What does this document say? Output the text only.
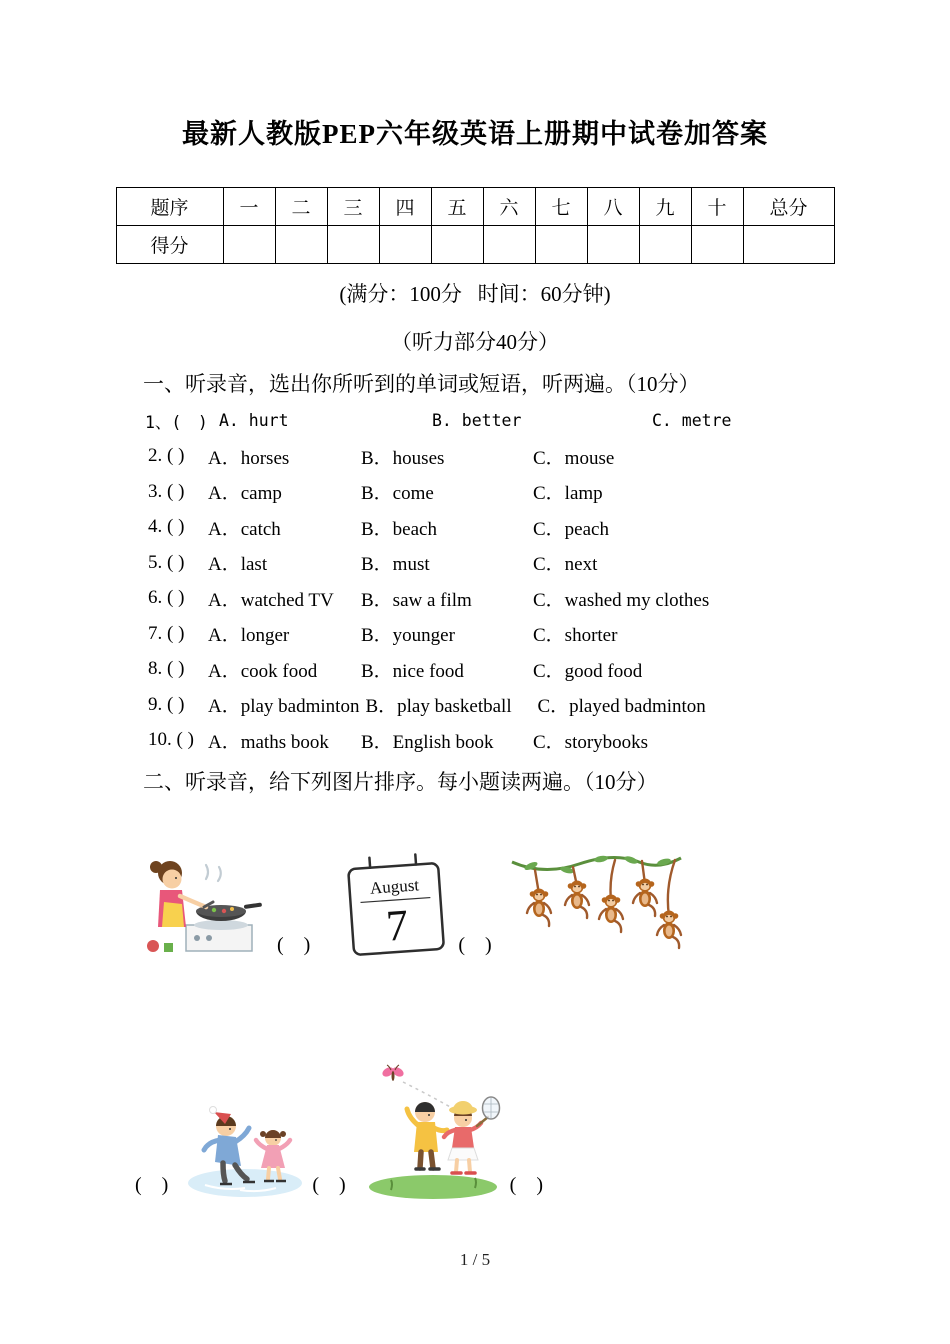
最新人教版PEP六年级英语上册期中试卷加答案
题序	一	二	三	四	五	六	七	八	九	十	总分
得分											
(满分：100分   时间：60分钟)
（听力部分40分）
一、听录音，选出你所听到的单词或短语，听两遍。（10分）
1、(　) A. hurt	B. better	C. metre
2. ( )	A．horses	B．houses	C．mouse
3. ( )	A．camp	B．come	C．lamp
4. ( )	A．catch	B．beach	C．peach
5. ( )	A．last	B．must	C．next
6. ( )	A．watched TV	B．saw a film	C．washed my clothes
7. ( )	A．longer	B．younger	C．shorter
8. ( )	A．cook food	B．nice food	C．good food
9. ( )	A．play badminton B．play basketball	C．played badminton
10. ( ) A．maths book	B．English book	C．storybooks
二、听录音，给下列图片排序。每小题读两遍。（10分）
(　)
August
7	(　)
(　)	(　)	(　)
1 / 5
